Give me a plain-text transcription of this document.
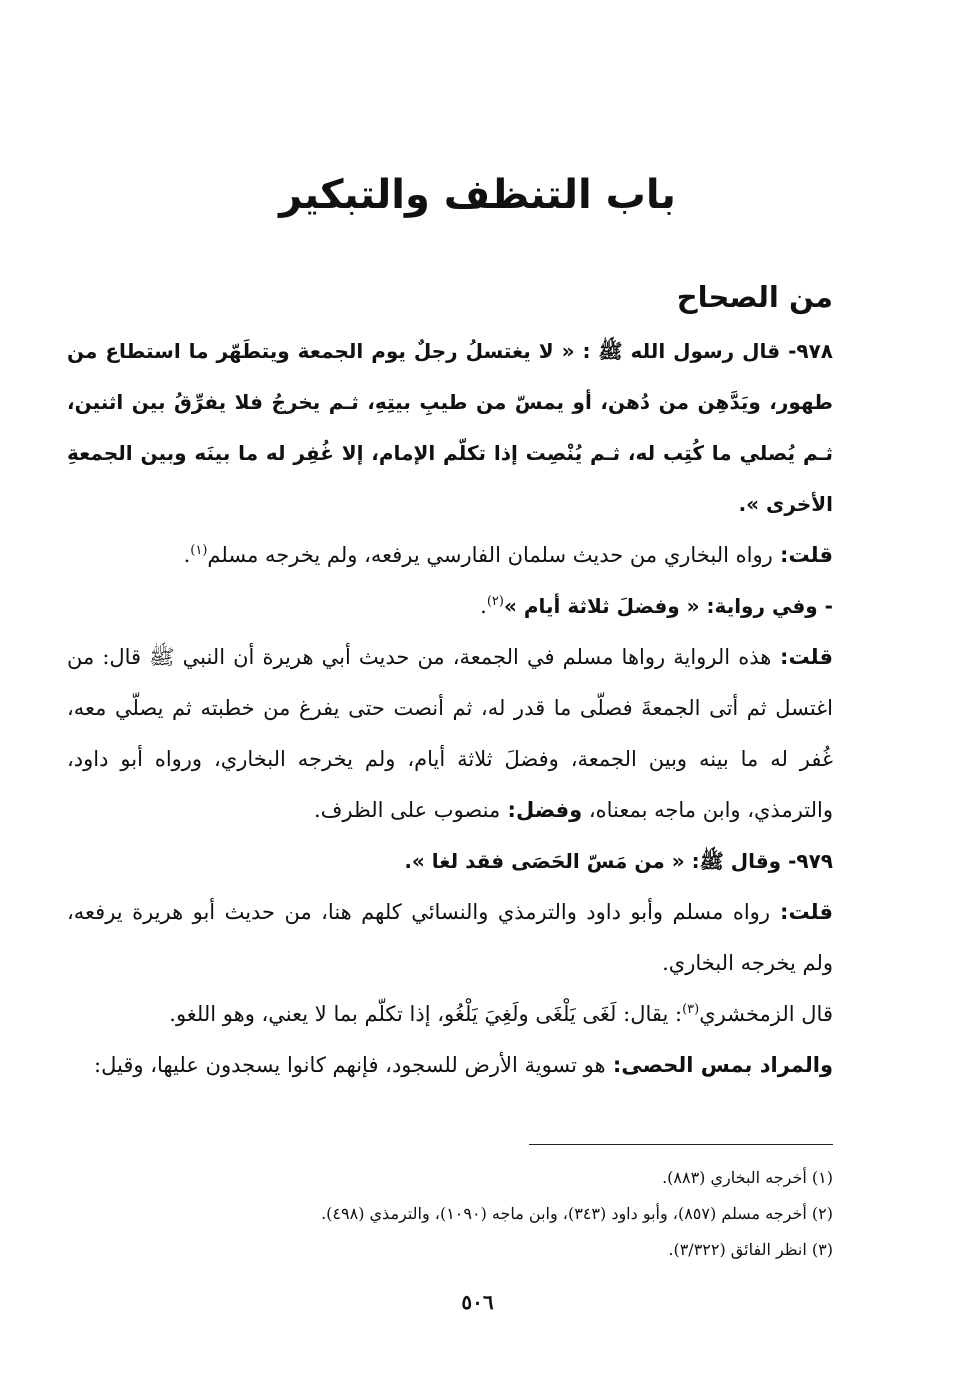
باب التنظف والتبكير
من الصحاح

٩٧٨- قال رسول الله ﷺ : « لا يغتسلُ رجلٌ يوم الجمعة ويتطَهّر ما استطاع من طهور، ويَدَّهِن من دُهن، أو يمسّ من طيبِ بيتِهِ، ثـم يخرجُ فلا يفرِّقُ بين اثنين، ثـم يُصلي ما كُتِب له، ثـم يُنْصِت إذا تكلّم الإمام، إلا غُفِر له ما بينَه وبين الجمعةِ الأخرى ».

قلت: رواه البخاري من حديث سلمان الفارسي يرفعه، ولم يخرجه مسلم$^{(١)}$.

- وفي رواية: « وفضلَ ثلاثة أيام »$^{(٢)}$.

قلت: هذه الرواية رواها مسلم في الجمعة، من حديث أبي هريرة أن النبي ﷺ قال: من اغتسل ثم أتى الجمعةَ فصلّى ما قدر له، ثم أنصت حتى يفرغ من خطبته ثم يصلّي معه، غُفر له ما بينه وبين الجمعة، وفضلَ ثلاثة أيام، ولم يخرجه البخاري، ورواه أبو داود، والترمذي، وابن ماجه بمعناه، وفضل: منصوب على الظرف.

٩٧٩- وقال ﷺ: « من مَسّ الحَصَى فقد لغا ».

قلت: رواه مسلم وأبو داود والترمذي والنسائي كلهم هنا، من حديث أبو هريرة يرفعه، ولم يخرجه البخاري.

قال الزمخشري$^{(٣)}$: يقال: لَغَى يَلْغَى ولَغِيَ يَلْغُو، إذا تكلّم بما لا يعني، وهو اللغو.

والمراد بمس الحصى: هو تسوية الأرض للسجود، فإنهم كانوا يسجدون عليها، وقيل:

(١) أخرجه البخاري (٨٨٣).

(٢) أخرجه مسلم (٨٥٧)، وأبو داود (٣٤٣)، وابن ماجه (١٠٩٠)، والترمذي (٤٩٨).

(٣) انظر الفائق (٣/٣٢٢).

٥٠٦
